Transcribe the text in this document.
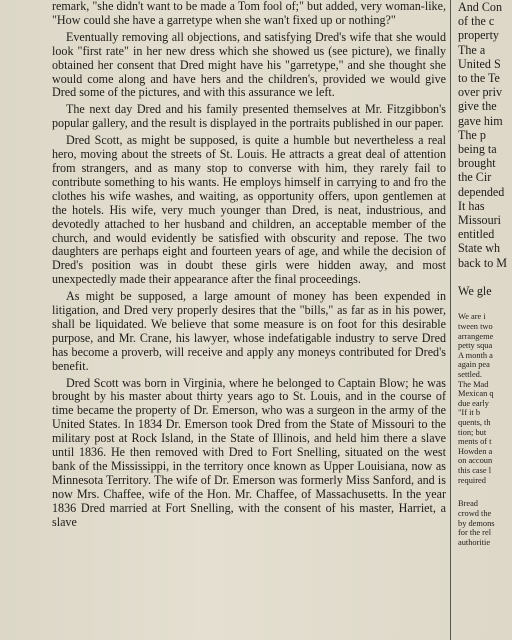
remark, "she didn't want to be made a Tom fool of;" but added, very woman-like, "How could she have a garretype when she wan't fixed up or nothing?"

Eventually removing all objections, and satisfying Dred's wife that she would look "first rate" in her new dress which she showed us (see picture), we finally obtained her consent that Dred might have his "garretype," and she thought she would come along and have hers and the children's, provided we would give Dred some of the pictures, and with this assurance we left.

The next day Dred and his family presented themselves at Mr. Fitzgibbon's popular gallery, and the result is displayed in the portraits published in our paper.

Dred Scott, as might be supposed, is quite a humble but nevertheless a real hero, moving about the streets of St. Louis. He attracts a great deal of attention from strangers, and as many stop to converse with him, they rarely fail to contribute something to his wants. He employs himself in carrying to and fro the clothes his wife washes, and waiting, as opportunity offers, upon gentlemen at the hotels. His wife, very much younger than Dred, is neat, industrious, and devotedly attached to her husband and children, an acceptable member of the church, and would evidently be satisfied with obscurity and repose. The two daughters are perhaps eight and fourteen years of age, and while the decision of Dred's position was in doubt these girls were hidden away, and most unexpectedly made their appearance after the final proceedings.

As might be supposed, a large amount of money has been expended in litigation, and Dred very properly desires that the "bills," as far as in his power, shall be liquidated. We believe that some measure is on foot for this desirable purpose, and Mr. Crane, his lawyer, whose indefatigable industry to serve Dred has become a proverb, will receive and apply any moneys contributed for Dred's benefit.

Dred Scott was born in Virginia, where he belonged to Captain Blow; he was brought by his master about thirty years ago to St. Louis, and in the course of time became the property of Dr. Emerson, who was a surgeon in the army of the United States. In 1834 Dr. Emerson took Dred from the State of Missouri to the military post at Rock Island, in the State of Illinois, and held him there a slave until 1836. He then removed with Dred to Fort Snelling, situated on the west bank of the Mississippi, in the territory once known as Upper Louisiana, now as Minnesota Territory. The wife of Dr. Emerson was formerly Miss Sanford, and is now Mrs. Chaffee, wife of the Hon. Mr. Chaffee, of Massachusetts. In the year 1836 Dred married at Fort Snelling, with the consent of his master, Harriet, a slave

And Con
of the c
property
The a
United S
to the Te
over priv
give the
gave him
The p
being ta
brought
the Cir
depended
It has
Missouri
entitled
State wh
back to M
We gle
We are i
tween two
arrangeme
petty squa
A month a
again pea
settled.
The Mad
Mexican q
due early
"If it b
quents, th
tion; but
ments of t
Howden a
on accoun
this case l
required
Bread
crowd the
by demons
for the rel
authoritie
